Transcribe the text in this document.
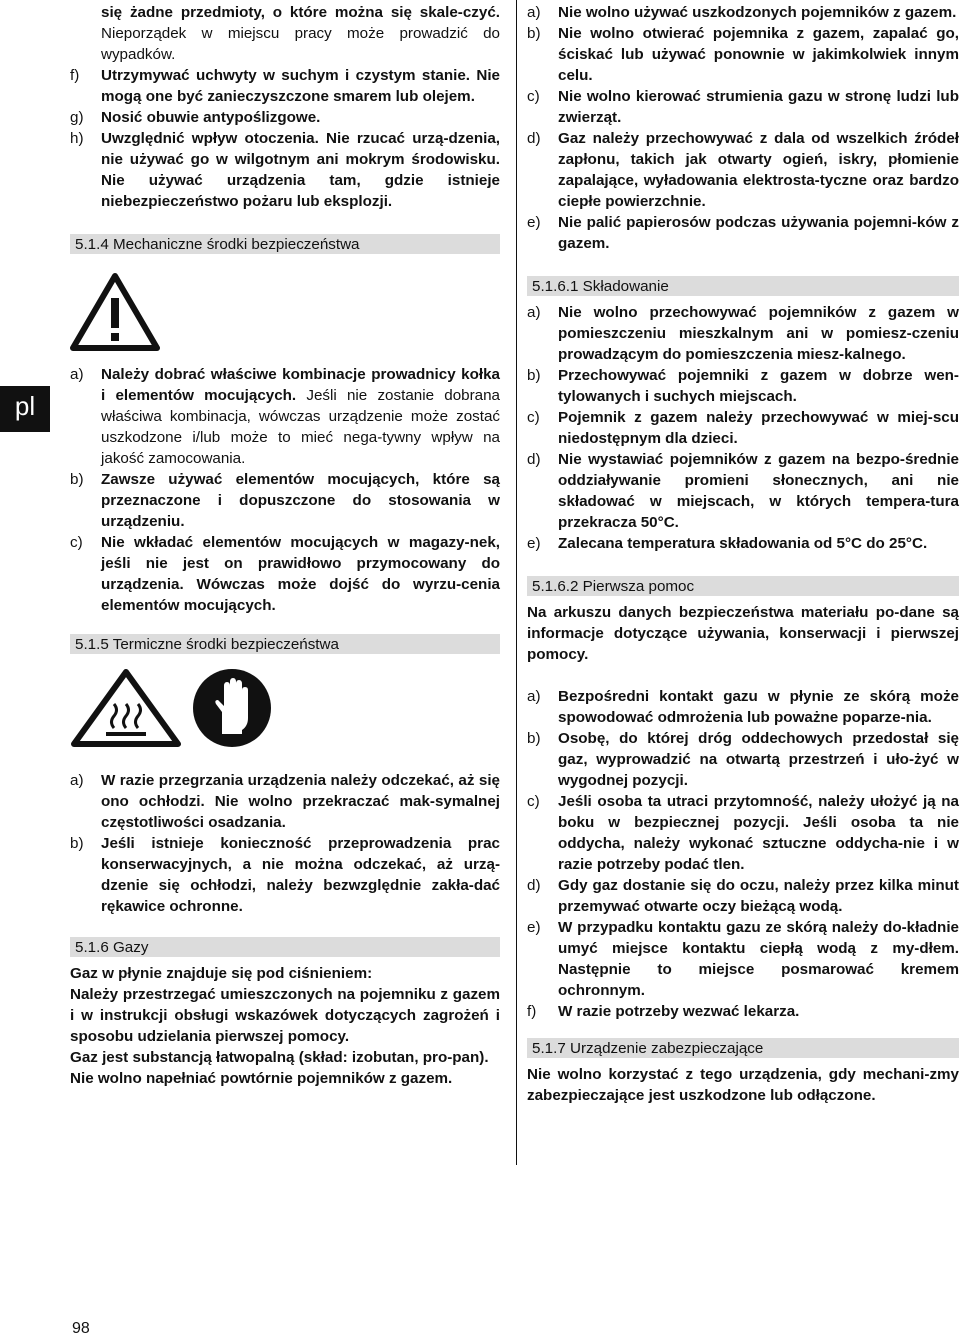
pl
98

się żadne przedmioty, o które można się skale-czyć. Nieporządek w miejscu pracy może prowadzić do wypadków.

f) Utrzymywać uchwyty w suchym i czystym stanie. Nie mogą one być zanieczyszczone smarem lub olejem.

g) Nosić obuwie antypoślizgowe.

h) Uwzględnić wpływ otoczenia. Nie rzucać urzą-dzenia, nie używać go w wilgotnym ani mokrym środowisku. Nie używać urządzenia tam, gdzie istnieje niebezpieczeństwo pożaru lub eksplozji.

5.1.4 Mechaniczne środki bezpieczeństwa

a) Należy dobrać właściwe kombinacje prowadnicy kołka i elementów mocujących. Jeśli nie zostanie dobrana właściwa kombinacja, wówczas urządzenie może zostać uszkodzone i/lub może to mieć nega-tywny wpływ na jakość zamocowania.

b) Zawsze używać elementów mocujących, które są przeznaczone i dopuszczone do stosowania w urządzeniu.

c) Nie wkładać elementów mocujących w magazy-nek, jeśli nie jest on prawidłowo przymocowany do urządzenia. Wówczas może dojść do wyrzu-cenia elementów mocujących.

5.1.5 Termiczne środki bezpieczeństwa

a) W razie przegrzania urządzenia należy odczekać, aż się ono ochłodzi. Nie wolno przekraczać mak-symalnej częstotliwości osadzania.

b) Jeśli istnieje konieczność przeprowadzenia prac konserwacyjnych, a nie można odczekać, aż urzą-dzenie się ochłodzi, należy bezwzględnie zakła-dać rękawice ochronne.

5.1.6 Gazy

Gaz w płynie znajduje się pod ciśnieniem:

Należy przestrzegać umieszczonych na pojemniku z gazem i w instrukcji obsługi wskazówek dotyczących zagrożeń i sposobu udzielania pierwszej pomocy.

Gaz jest substancją łatwopalną (skład: izobutan, pro-pan).

Nie wolno napełniać powtórnie pojemników z gazem.

a) Nie wolno używać uszkodzonych pojemników z gazem.

b) Nie wolno otwierać pojemnika z gazem, zapalać go, ściskać lub używać ponownie w jakimkolwiek innym celu.

c) Nie wolno kierować strumienia gazu w stronę ludzi lub zwierząt.

d) Gaz należy przechowywać z dala od wszelkich źródeł zapłonu, takich jak otwarty ogień, iskry, płomienie zapalające, wyładowania elektrosta-tyczne oraz bardzo ciepłe powierzchnie.

e) Nie palić papierosów podczas używania pojemni-ków z gazem.

5.1.6.1 Składowanie

a) Nie wolno przechowywać pojemników z gazem w pomieszczeniu mieszkalnym ani w pomiesz-czeniu prowadzącym do pomieszczenia miesz-kalnego.

b) Przechowywać pojemniki z gazem w dobrze wen-tylowanych i suchych miejscach.

c) Pojemnik z gazem należy przechowywać w miej-scu niedostępnym dla dzieci.

d) Nie wystawiać pojemników z gazem na bezpo-średnie oddziaływanie promieni słonecznych, ani nie składować w miejscach, w których tempera-tura przekracza 50°C.

e) Zalecana temperatura składowania od 5°C do 25°C.

5.1.6.2 Pierwsza pomoc

Na arkuszu danych bezpieczeństwa materiału po-dane są informacje dotyczące używania, konserwacji i pierwszej pomocy.

a) Bezpośredni kontakt gazu w płynie ze skórą może spowodować odmrożenia lub poważne poparze-nia.

b) Osobę, do której dróg oddechowych przedostał się gaz, wyprowadzić na otwartą przestrzeń i uło-żyć w wygodnej pozycji.

c) Jeśli osoba ta utraci przytomność, należy ułożyć ją na boku w bezpiecznej pozycji. Jeśli osoba ta nie oddycha, należy wykonać sztuczne oddycha-nie i w razie potrzeby podać tlen.

d) Gdy gaz dostanie się do oczu, należy przez kilka minut przemywać otwarte oczy bieżącą wodą.

e) W przypadku kontaktu gazu ze skórą należy do-kładnie umyć miejsce kontaktu ciepłą wodą z my-dłem. Następnie to miejsce posmarować kremem ochronnym.

f) W razie potrzeby wezwać lekarza.

5.1.7 Urządzenie zabezpieczające

Nie wolno korzystać z tego urządzenia, gdy mechani-zmy zabezpieczające jest uszkodzone lub odłączone.
